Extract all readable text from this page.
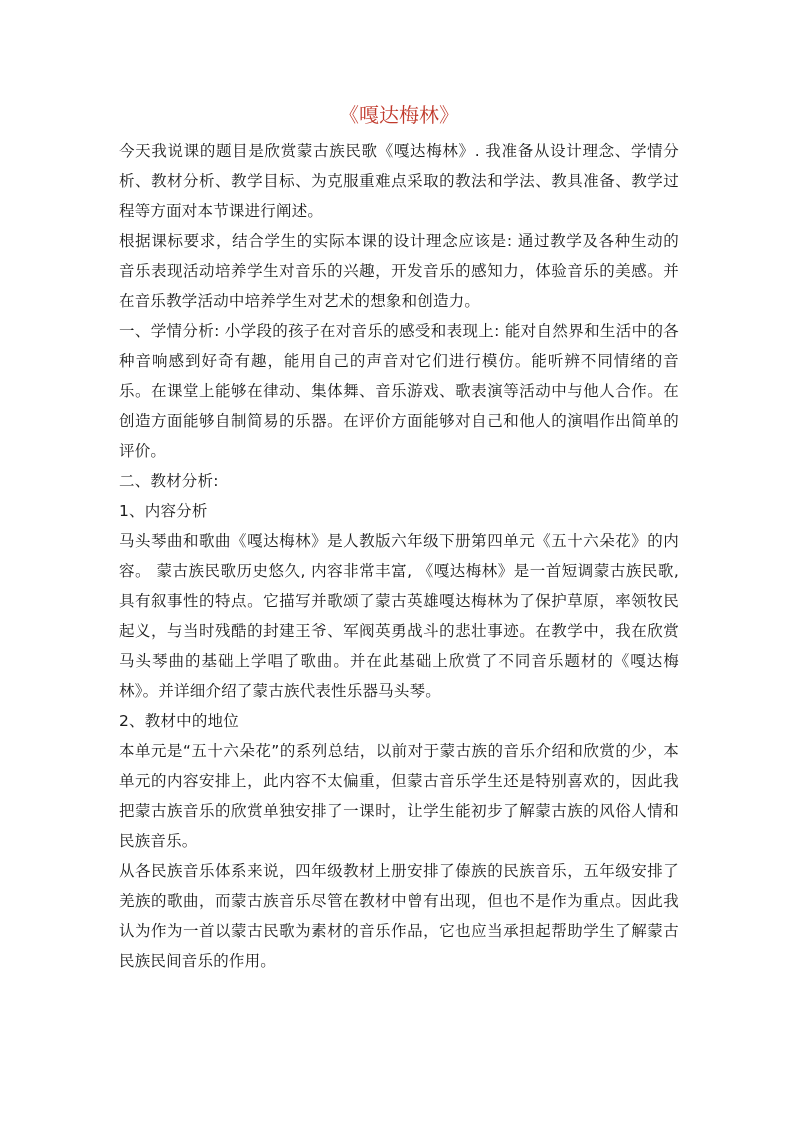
《嘎达梅林》

今天我说课的题目是欣赏蒙古族民歌《嘎达梅林》. 我准备从设计理念、学情分析、教材分析、教学目标、为克服重难点采取的教法和学法、教具准备、教学过程等方面对本节课进行阐述。

根据课标要求，结合学生的实际本课的设计理念应该是: 通过教学及各种生动的音乐表现活动培养学生对音乐的兴趣，开发音乐的感知力，体验音乐的美感。并在音乐教学活动中培养学生对艺术的想象和创造力。

一、学情分析: 小学段的孩子在对音乐的感受和表现上: 能对自然界和生活中的各种音响感到好奇有趣，能用自己的声音对它们进行模仿。能听辨不同情绪的音乐。在课堂上能够在律动、集体舞、音乐游戏、歌表演等活动中与他人合作。在创造方面能够自制简易的乐器。在评价方面能够对自己和他人的演唱作出简单的评价。

二、教材分析:

1、内容分析

马头琴曲和歌曲《嘎达梅林》是人教版六年级下册第四单元《五十六朵花》的内容。 蒙古族民歌历史悠久, 内容非常丰富, 《嘎达梅林》是一首短调蒙古族民歌, 具有叙事性的特点。它描写并歌颂了蒙古英雄嘎达梅林为了保护草原，率领牧民起义，与当时残酷的封建王爷、军阀英勇战斗的悲壮事迹。在教学中，我在欣赏马头琴曲的基础上学唱了歌曲。并在此基础上欣赏了不同音乐题材的《嘎达梅林》。并详细介绍了蒙古族代表性乐器马头琴。

2、教材中的地位

本单元是“五十六朵花”的系列总结，以前对于蒙古族的音乐介绍和欣赏的少，本单元的内容安排上，此内容不太偏重，但蒙古音乐学生还是特别喜欢的，因此我把蒙古族音乐的欣赏单独安排了一课时，让学生能初步了解蒙古族的风俗人情和民族音乐。

从各民族音乐体系来说，四年级教材上册安排了傣族的民族音乐，五年级安排了羌族的歌曲，而蒙古族音乐尽管在教材中曾有出现，但也不是作为重点。因此我认为作为一首以蒙古民歌为素材的音乐作品，它也应当承担起帮助学生了解蒙古民族民间音乐的作用。
